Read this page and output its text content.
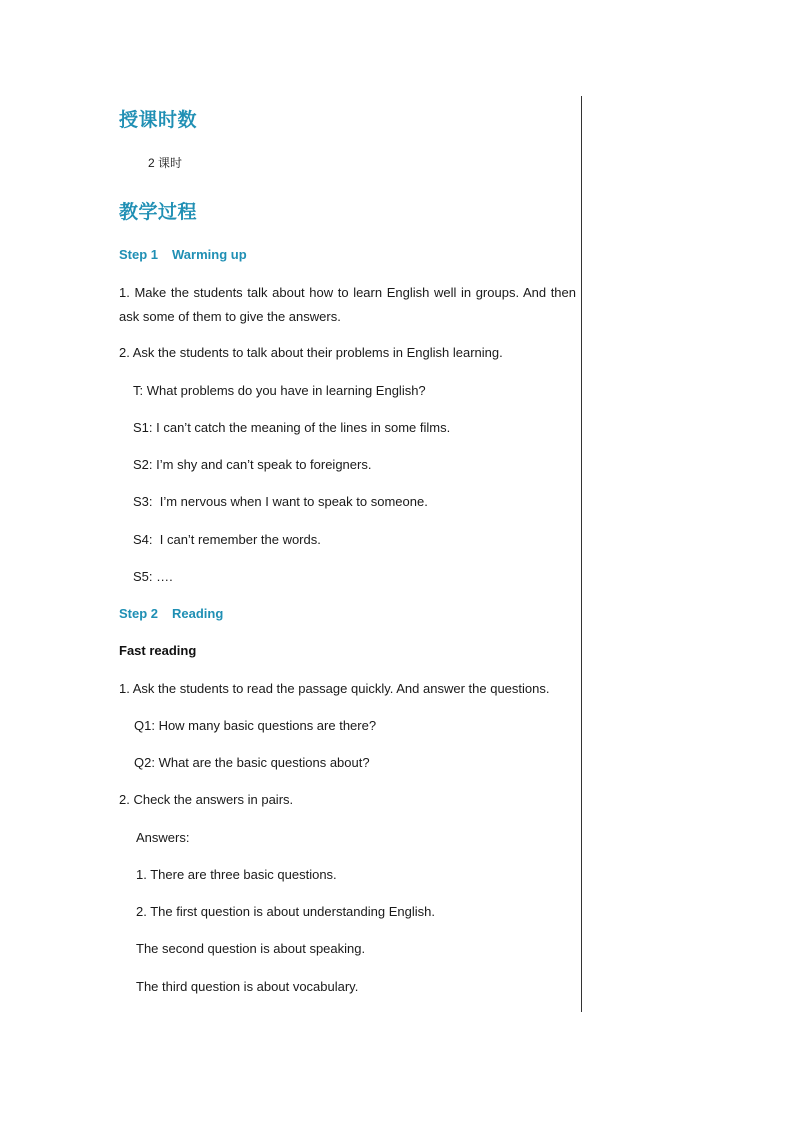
授课时数
2 课时
教学过程
Step 1 Warming up
1. Make the students talk about how to learn English well in groups. And then ask some of them to give the answers.
2. Ask the students to talk about their problems in English learning.
T: What problems do you have in learning English?
S1: I can’t catch the meaning of the lines in some films.
S2: I’m shy and can’t speak to foreigners.
S3:  I’m nervous when I want to speak to someone.
S4:  I can’t remember the words.
S5: ….
Step 2 Reading
Fast reading
1. Ask the students to read the passage quickly. And answer the questions.
Q1: How many basic questions are there?
Q2: What are the basic questions about?
2. Check the answers in pairs.
Answers:
1. There are three basic questions.
2. The first question is about understanding English.
The second question is about speaking.
The third question is about vocabulary.
